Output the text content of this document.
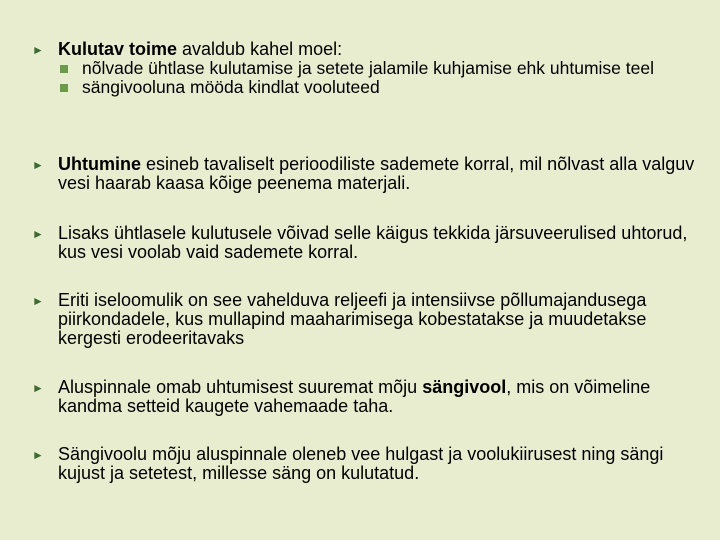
► Kulutav toime avaldub kahel moel:
nõlvade ühtlase kulutamise ja setete jalamile kuhjamise ehk uhtumise teel
sängivooluna mööda kindlat vooluteed
► Uhtumine esineb tavaliselt perioodiliste sademete korral, mil nõlvast alla valguv vesi haarab kaasa kõige peenema materjali.
► Lisaks ühtlasele kulutusele võivad selle käigus tekkida järsuveerulised uhtorud, kus vesi voolab vaid sademete korral.
► Eriti iseloomulik on see vahelduva reljeefi ja intensiivse põllumajandusega piirkondadele, kus mullapind maaharimisega kobestatakse ja muudetakse kergesti erodeeritavaks
► Aluspinnale omab uhtumisest suuremat mõju sängivool, mis on võimeline kandma setteid kaugete vahemaade taha.
► Sängivoolu mõju aluspinnale oleneb vee hulgast ja voolukiirusest ning sängi kujust ja setetest, millesse säng on kulutatud.
